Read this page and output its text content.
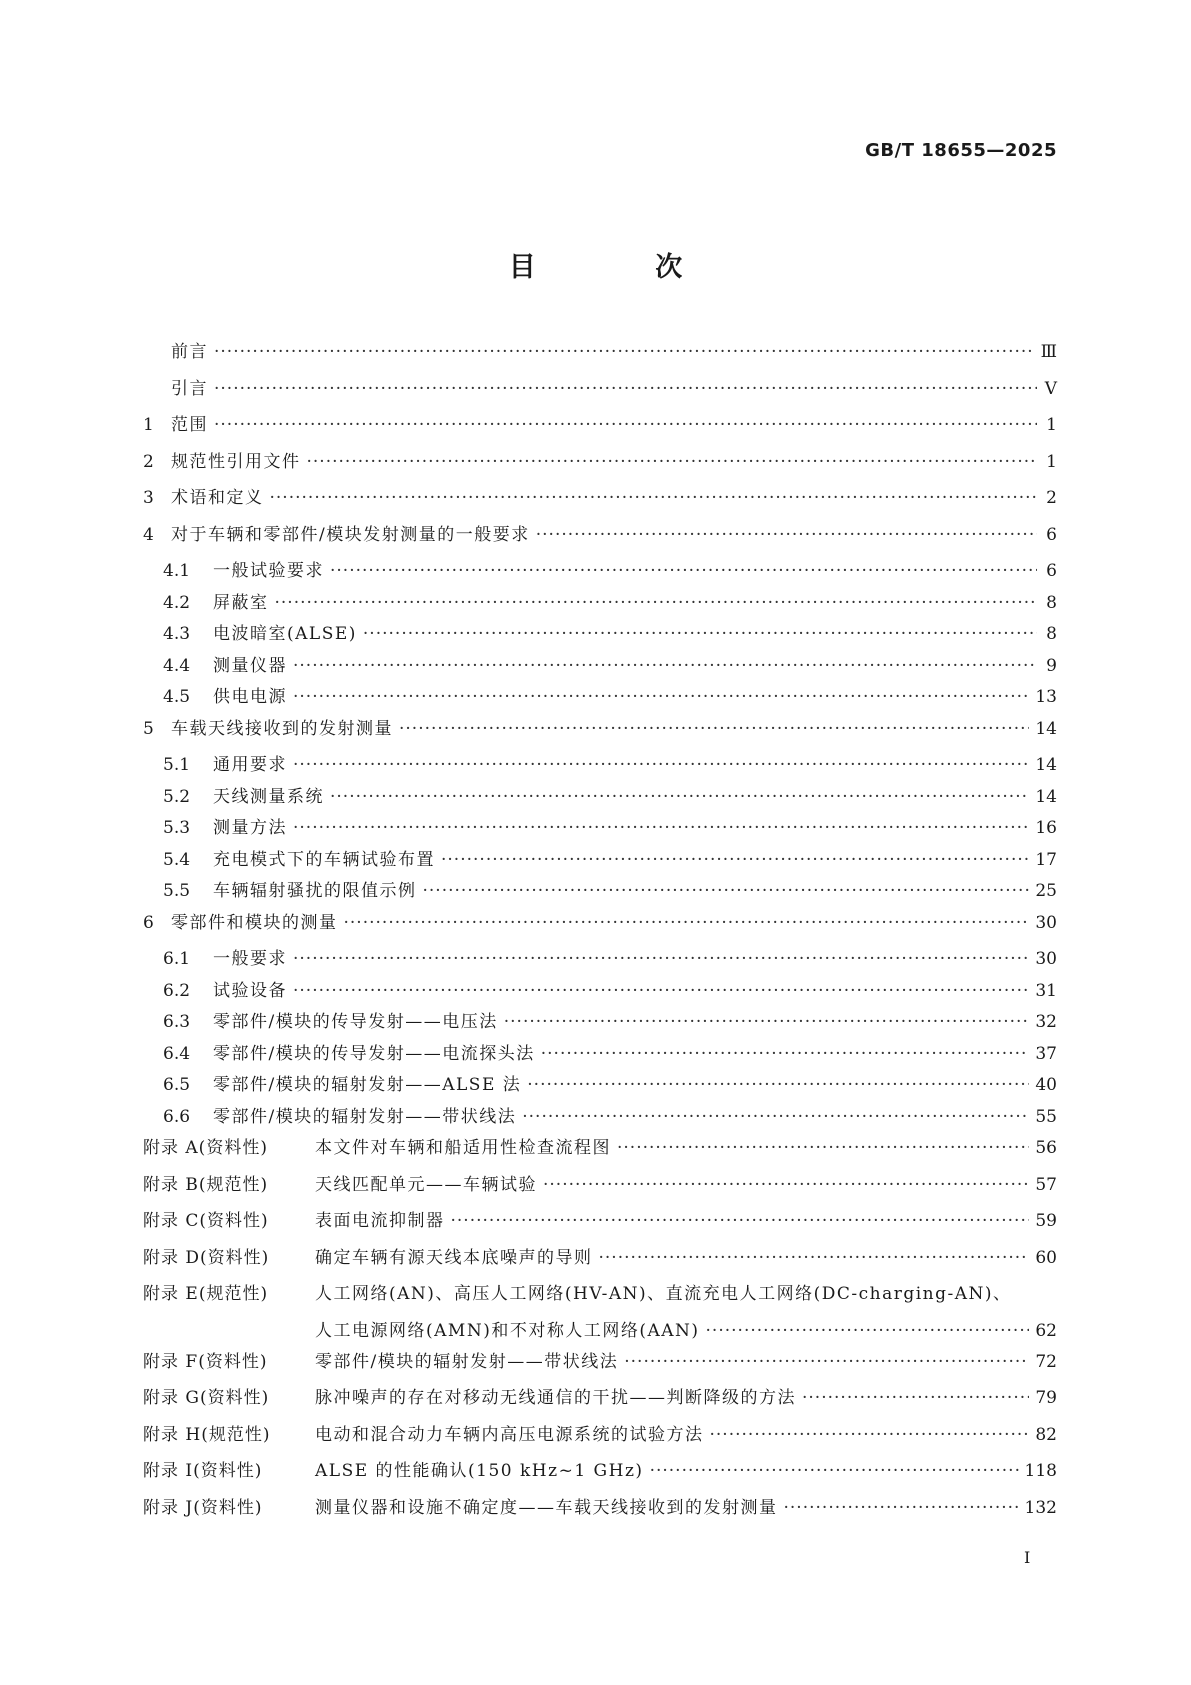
GB/T 18655—2025
目 次
前言 ·····	Ⅲ
引言 ·····	Ⅴ
1	范围 ·····	1
2	规范性引用文件 ·····	1
3	术语和定义 ·····	2
4	对于车辆和零部件/模块发射测量的一般要求 ·····	6
4.1	一般试验要求 ·····	6
4.2	屏蔽室 ·····	8
4.3	电波暗室(ALSE) ·····	8
4.4	测量仪器 ·····	9
4.5	供电电源 ·····	13
5	车载天线接收到的发射测量 ·····	14
5.1	通用要求 ·····	14
5.2	天线测量系统 ·····	14
5.3	测量方法 ·····	16
5.4	充电模式下的车辆试验布置 ·····	17
5.5	车辆辐射骚扰的限值示例 ·····	25
6	零部件和模块的测量 ·····	30
6.1	一般要求 ·····	30
6.2	试验设备 ·····	31
6.3	零部件/模块的传导发射——电压法 ·····	32
6.4	零部件/模块的传导发射——电流探头法 ·····	37
6.5	零部件/模块的辐射发射——ALSE 法 ·····	40
6.6	零部件/模块的辐射发射——带状线法 ·····	55
附录 A(资料性)	本文件对车辆和船适用性检查流程图 ·····	56
附录 B(规范性)	天线匹配单元——车辆试验 ·····	57
附录 C(资料性)	表面电流抑制器 ·····	59
附录 D(资料性)	确定车辆有源天线本底噪声的导则 ·····	60
附录 E(规范性)	人工网络(AN)、高压人工网络(HV-AN)、直流充电人工网络(DC-charging-AN)、
人工电源网络(AMN)和不对称人工网络(AAN) ·····	62
附录 F(资料性)	零部件/模块的辐射发射——带状线法 ·····	72
附录 G(资料性)	脉冲噪声的存在对移动无线通信的干扰——判断降级的方法 ·····	79
附录 H(规范性)	电动和混合动力车辆内高压电源系统的试验方法 ·····	82
附录 I(资料性)	ALSE 的性能确认(150 kHz~1 GHz) ·····	118
附录 J(资料性)	测量仪器和设施不确定度——车载天线接收到的发射测量 ·····	132
Ⅰ
